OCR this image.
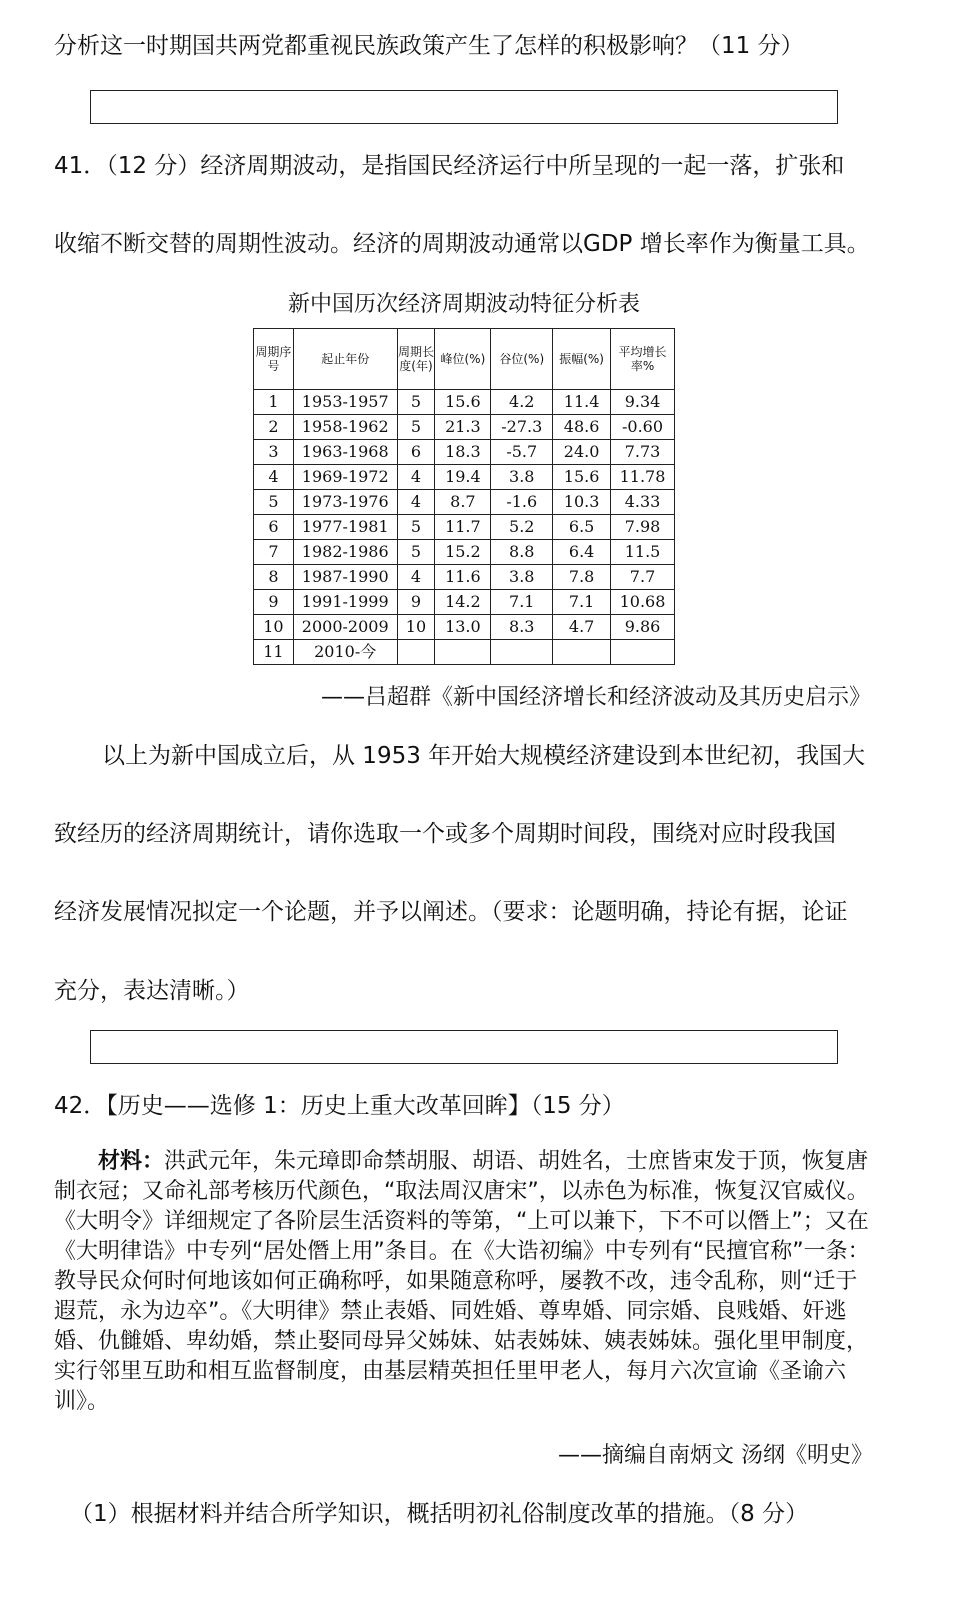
分析这一时期国共两党都重视民族政策产生了怎样的积极影响？（11 分）
41．（12 分）经济周期波动，是指国民经济运行中所呈现的一起一落，扩张和
收缩不断交替的周期性波动。经济的周期波动通常以GDP 增长率作为衡量工具。
新中国历次经济周期波动特征分析表
周期序号	起止年份	周期长度(年)	峰位(%)	谷位(%)	振幅(%)	平均增长率%
1	1953-1957	5	15.6	4.2	11.4	9.34
2	1958-1962	5	21.3	-27.3	48.6	-0.60
3	1963-1968	6	18.3	-5.7	24.0	7.73
4	1969-1972	4	19.4	3.8	15.6	11.78
5	1973-1976	4	8.7	-1.6	10.3	4.33
6	1977-1981	5	11.7	5.2	6.5	7.98
7	1982-1986	5	15.2	8.8	6.4	11.5
8	1987-1990	4	11.6	3.8	7.8	7.7
9	1991-1999	9	14.2	7.1	7.1	10.68
10	2000-2009	10	13.0	8.3	4.7	9.86
11	2010-今					
——吕超群《新中国经济增长和经济波动及其历史启示》
以上为新中国成立后，从 1953 年开始大规模经济建设到本世纪初，我国大
致经历的经济周期统计，请你选取一个或多个周期时间段，围绕对应时段我国
经济发展情况拟定一个论题，并予以阐述。（要求：论题明确，持论有据，论证
充分，表达清晰。）
42．【历史——选修 1：历史上重大改革回眸】（15 分）
材料：洪武元年，朱元璋即命禁胡服、胡语、胡姓名，士庶皆束发于顶，恢复唐制衣冠；又命礼部考核历代颜色，“取法周汉唐宋”，以赤色为标准，恢复汉官威仪。《大明令》详细规定了各阶层生活资料的等第，“上可以兼下，下不可以僭上”；又在《大明律诰》中专列“居处僭上用”条目。在《大诰初编》中专列有“民擅官称”一条：教导民众何时何地该如何正确称呼，如果随意称呼，屡教不改，违令乱称，则“迁于遐荒，永为边卒”。《大明律》禁止表婚、同姓婚、尊卑婚、同宗婚、良贱婚、奸逃婚、仇雠婚、卑幼婚，禁止娶同母异父姊妹、姑表姊妹、姨表姊妹。强化里甲制度，实行邻里互助和相互监督制度，由基层精英担任里甲老人，每月六次宣谕《圣谕六训》。
——摘编自南炳文 汤纲《明史》
（1）根据材料并结合所学知识，概括明初礼俗制度改革的措施。（8 分）
